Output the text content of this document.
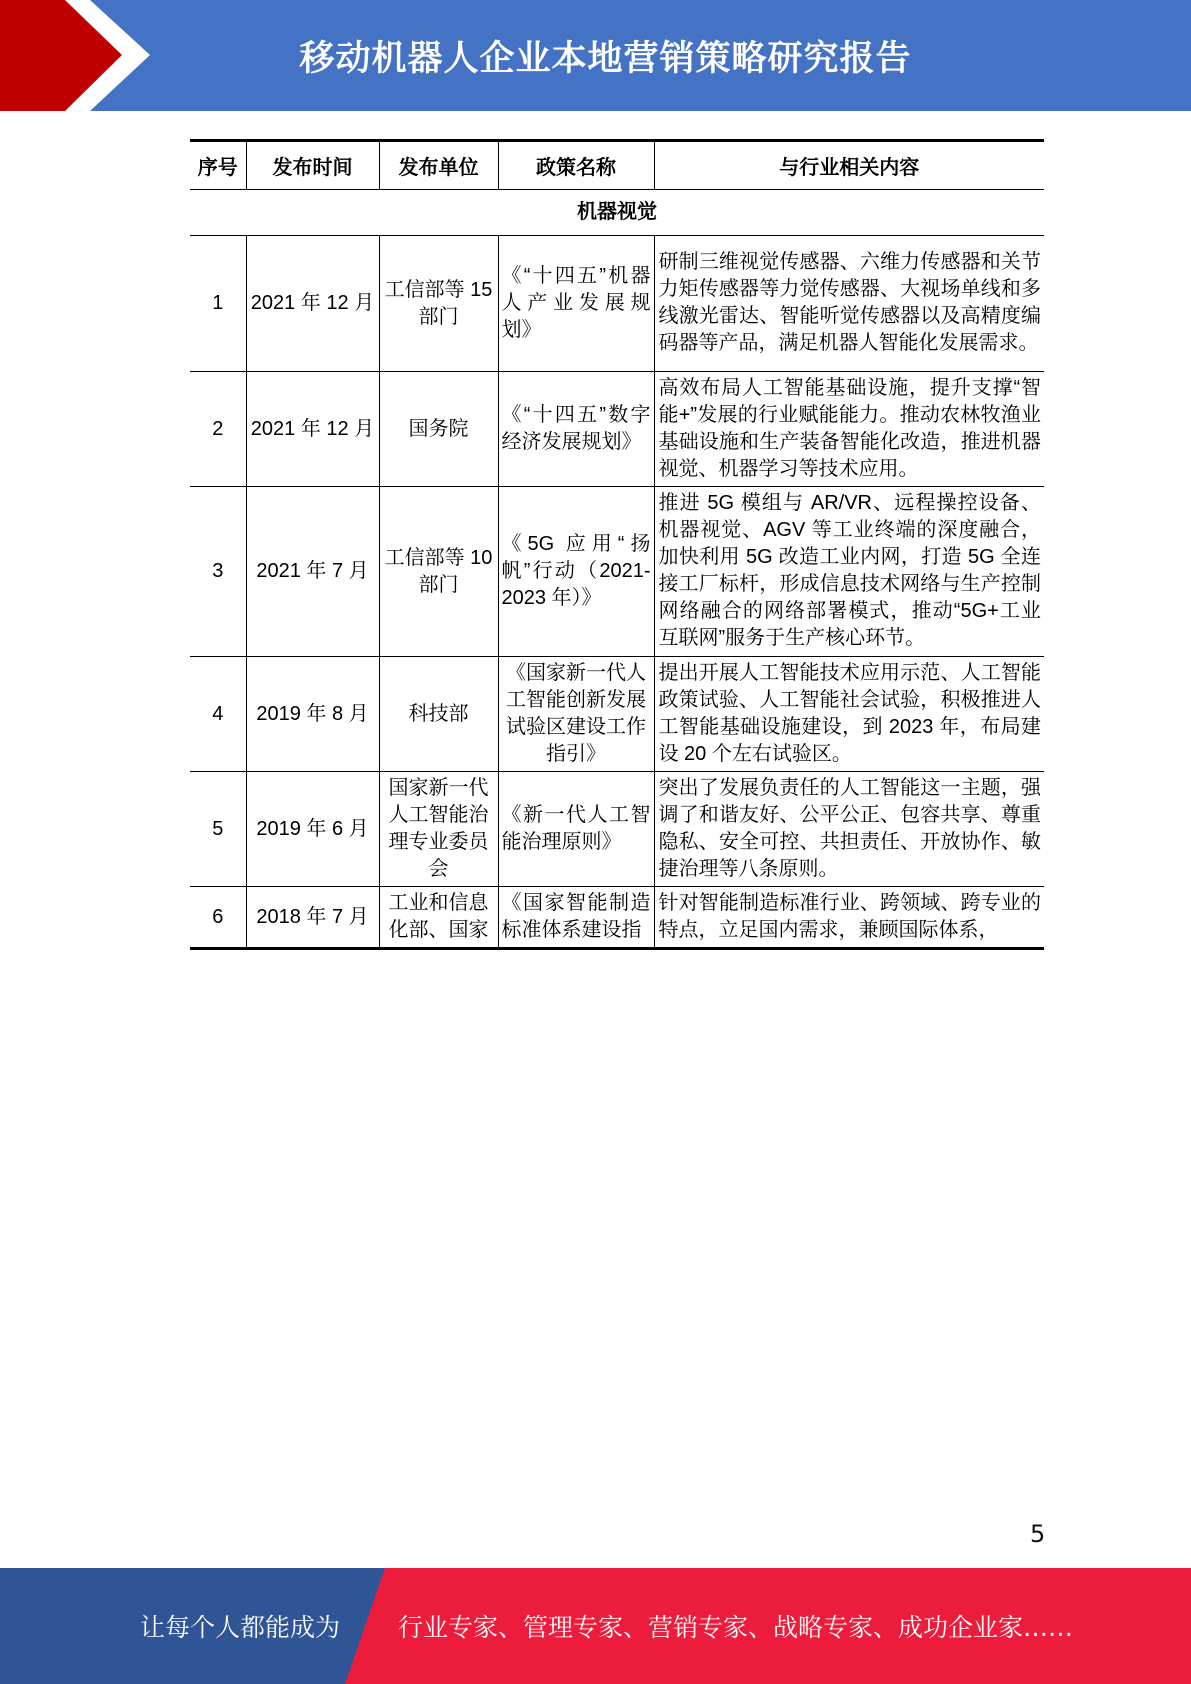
移动机器人企业本地营销策略研究报告
序号	发布时间	发布单位	政策名称	与行业相关内容
机器视觉				
1	2021 年 12 月	工信部等 15 部门	《“十四五”机器人产业发展规划》	研制三维视觉传感器、六维力传感器和关节力矩传感器等力觉传感器、大视场单线和多线激光雷达、智能听觉传感器以及高精度编码器等产品，满足机器人智能化发展需求。
2	2021 年 12 月	国务院	《“十四五”数字经济发展规划》	高效布局人工智能基础设施，提升支撑“智能+”发展的行业赋能能力。推动农林牧渔业基础设施和生产装备智能化改造，推进机器视觉、机器学习等技术应用。
3	2021 年 7 月	工信部等 10 部门	《5G 应用“扬帆”行动（2021-2023 年）》	推进 5G 模组与 AR/VR、远程操控设备、机器视觉、AGV 等工业终端的深度融合，加快利用 5G 改造工业内网，打造 5G 全连接工厂标杆，形成信息技术网络与生产控制网络融合的网络部署模式，推动“5G+工业互联网”服务于生产核心环节。
4	2019 年 8 月	科技部	《国家新一代人工智能创新发展试验区建设工作指引》	提出开展人工智能技术应用示范、人工智能政策试验、人工智能社会试验，积极推进人工智能基础设施建设，到 2023 年，布局建设 20 个左右试验区。
5	2019 年 6 月	国家新一代人工智能治理专业委员会	《新一代人工智能治理原则》	突出了发展负责任的人工智能这一主题，强调了和谐友好、公平公正、包容共享、尊重隐私、安全可控、共担责任、开放协作、敏捷治理等八条原则。
6	2018 年 7 月	工业和信息化部、国家	《国家智能制造标准体系建设指	针对智能制造标准行业、跨领域、跨专业的特点，立足国内需求，兼顾国际体系，
5
让每个人都能成为 行业专家、管理专家、营销专家、战略专家、成功企业家……
